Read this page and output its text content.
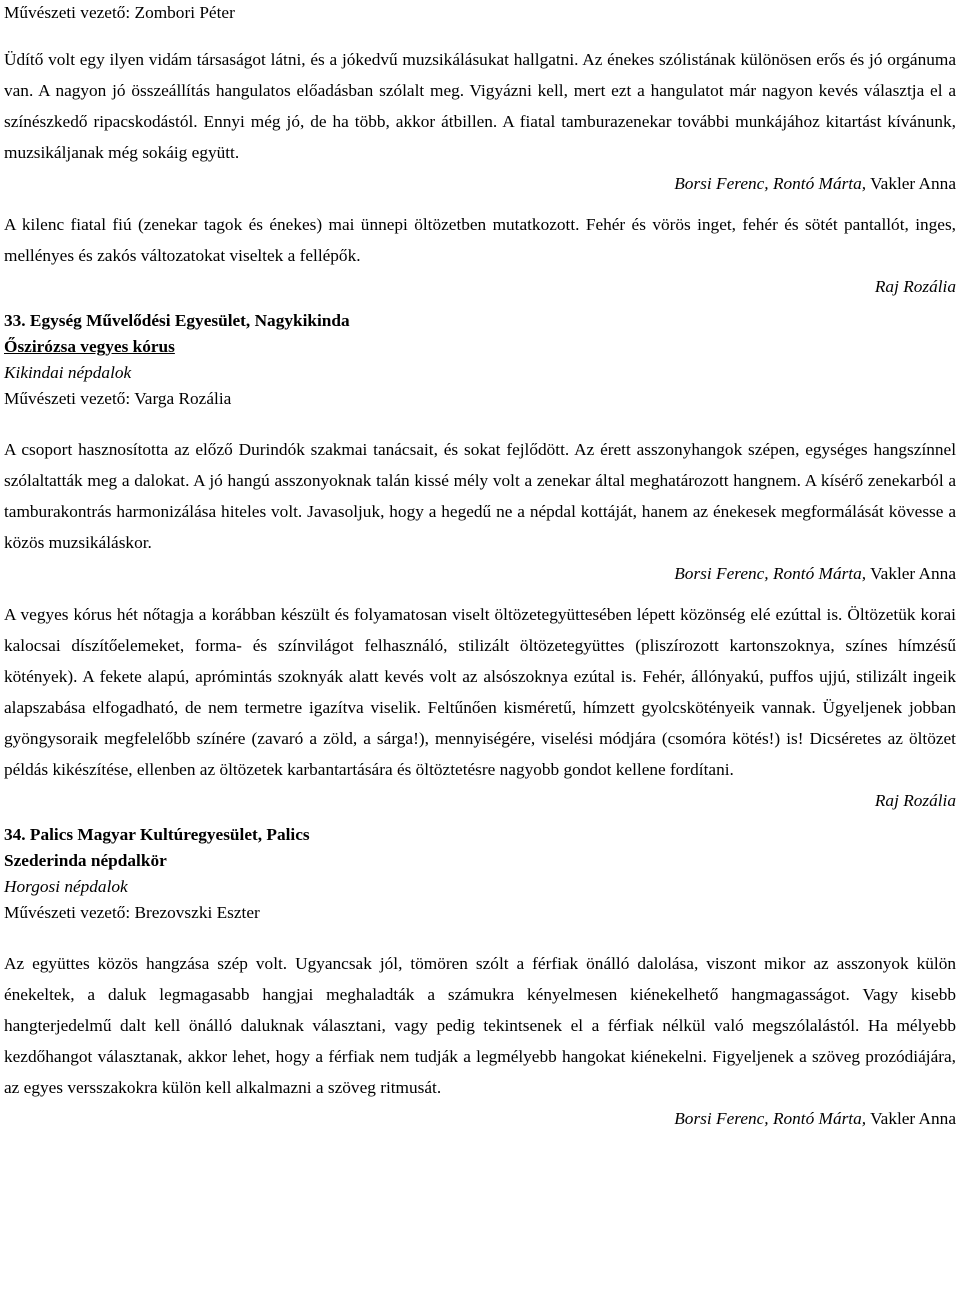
Művészeti vezető: Zombori Péter

Üdítő volt egy ilyen vidám társaságot látni, és a jókedvű muzsikálásukat hallgatni. Az énekes szólistának különösen erős és jó orgánuma van. A nagyon jó összeállítás hangulatos előadásban szólalt meg. Vigyázni kell, mert ezt a hangulatot már nagyon kevés választja el a színészkedő ripacskodástól. Ennyi még jó, de ha több, akkor átbillen. A fiatal tamburazenekar további munkájához kitartást kívánunk, muzsikáljanak még sokáig együtt.

Borsi Ferenc, Rontó Márta, Vakler Anna

A kilenc fiatal fiú (zenekar tagok és énekes) mai ünnepi öltözetben mutatkozott. Fehér és vörös inget, fehér és sötét pantallót, inges, mellényes és zakós változatokat viseltek a fellépők.

Raj Rozália

33. Egység Művelődési Egyesület, Nagykikinda
Őszirózsa vegyes kórus
Kikindai népdalok
Művészeti vezető: Varga Rozália

A csoport hasznosította az előző Durindók szakmai tanácsait, és sokat fejlődött. Az érett asszonyhangok szépen, egységes hangszínnel szólaltatták meg a dalokat. A jó hangú asszonyoknak talán kissé mély volt a zenekar által meghatározott hangnem. A kísérő zenekarból a tamburakontrás harmonizálása hiteles volt. Javasoljuk, hogy a hegedű ne a népdal kottáját, hanem az énekesek megformálását kövesse a közös muzsikáláskor.

Borsi Ferenc, Rontó Márta, Vakler Anna

A vegyes kórus hét nőtagja a korábban készült és folyamatosan viselt öltözetegyüttesében lépett közönség elé ezúttal is. Öltözetük korai kalocsai díszítőelemeket, forma- és színvilágot felhasználó, stilizált öltözetegyüttes (pliszírozott kartonszoknya, színes hímzésű kötények). A fekete alapú, aprómintás szoknyák alatt kevés volt az alsószoknya ezútal is. Fehér, állónyakú, puffos ujjú, stilizált ingeik alapszabása elfogadható, de nem termetre igazítva viselik. Feltűnően kisméretű, hímzett gyolcskötényeik vannak. Ügyeljenek jobban gyöngysoraik megfelelőbb színére (zavaró a zöld, a sárga!), mennyiségére, viselési módjára (csomóra kötés!) is! Dicséretes az öltözet példás kikészítése, ellenben az öltözetek karbantartására és öltöztetésre nagyobb gondot kellene fordítani.

Raj Rozália

34. Palics Magyar Kultúregyesület, Palics
Szederinda népdalkör
Horgosi népdalok
Művészeti vezető: Brezovszki Eszter

Az együttes közös hangzása szép volt. Ugyancsak jól, tömören szólt a férfiak önálló dalolása, viszont mikor az asszonyok külön énekeltek, a daluk legmagasabb hangjai meghaladták a számukra kényelmesen kiénekelhető hangmagasságot. Vagy kisebb hangterjedelmű dalt kell önálló daluknak választani, vagy pedig tekintsenek el a férfiak nélkül való megszólalástól. Ha mélyebb kezdőhangot választanak, akkor lehet, hogy a férfiak nem tudják a legmélyebb hangokat kiénekelni. Figyeljenek a szöveg prozódiájára, az egyes versszakokra külön kell alkalmazni a szöveg ritmusát.

Borsi Ferenc, Rontó Márta, Vakler Anna
